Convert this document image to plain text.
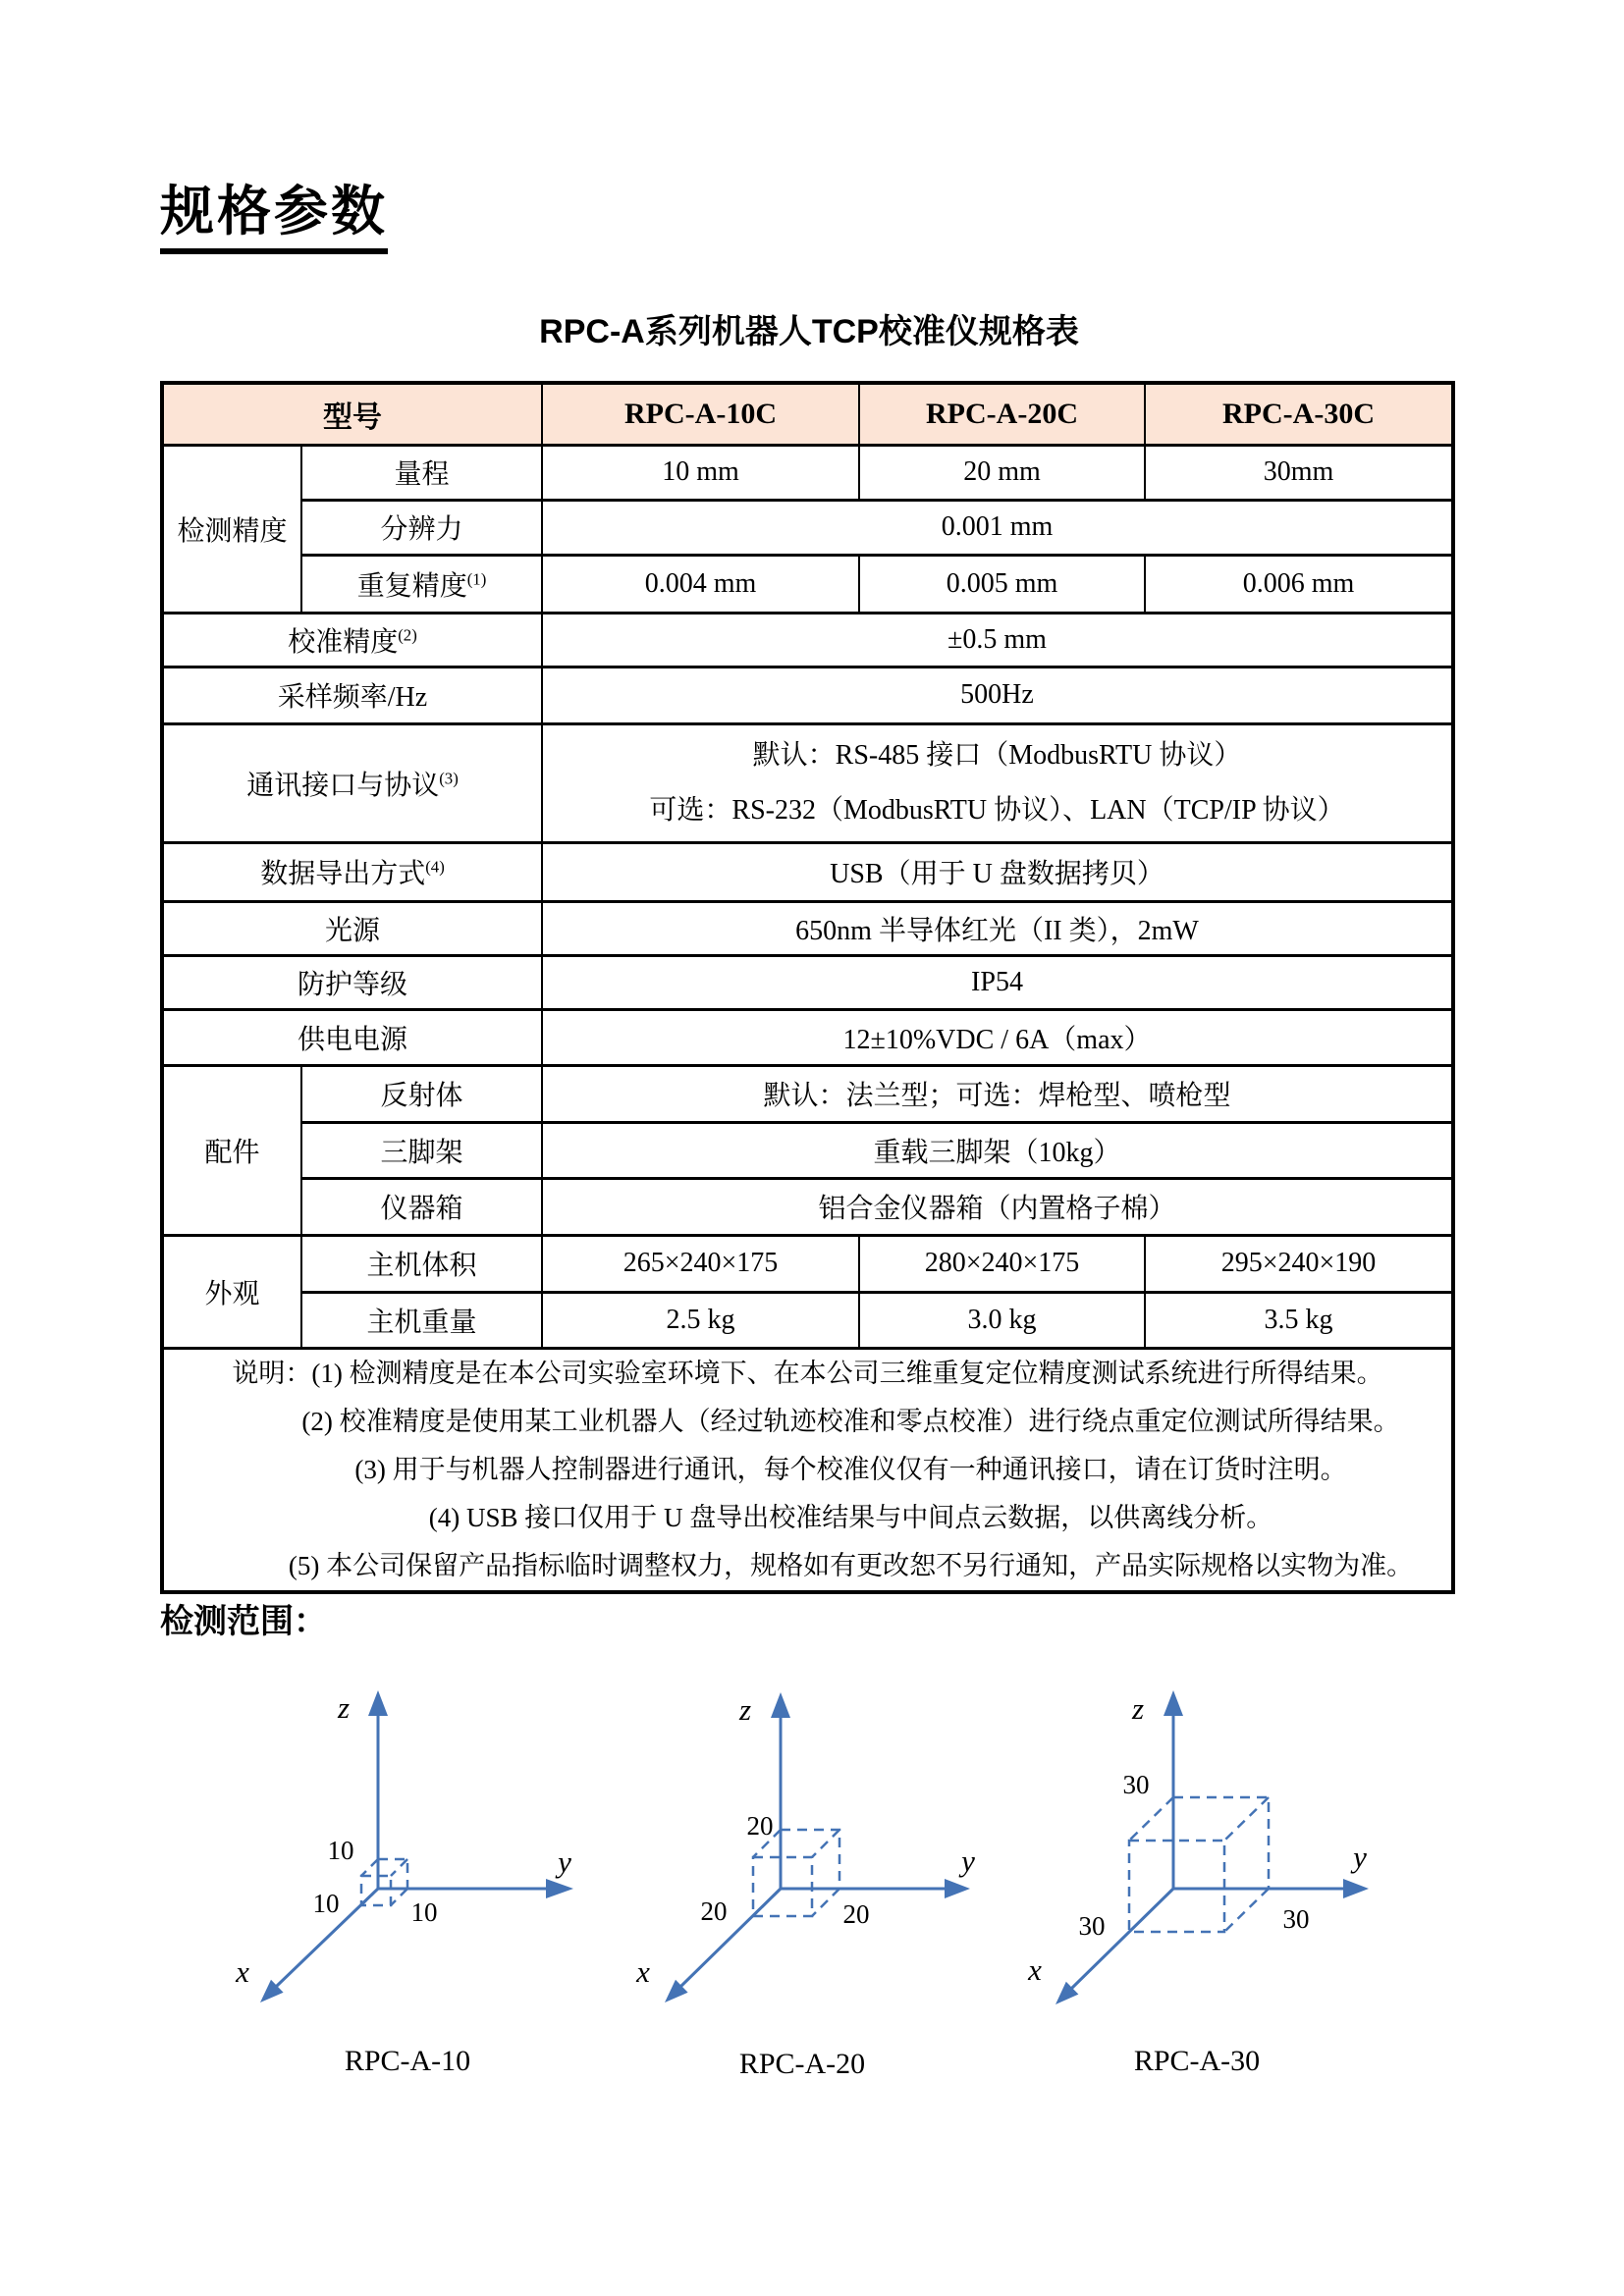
规格参数
RPC-A系列机器人TCP校准仪规格表
型号		RPC-A-10C	RPC-A-20C	RPC-A-30C
检测精度	量程	10 mm	20 mm	30mm
	分辨力	0.001 mm		
	重复精度$^{(1)}$	0.004 mm	0.005 mm	0.006 mm
校准精度$^{(2)}$		±0.5 mm		
采样频率/Hz		500Hz		
通讯接口与协议$^{(3)}$		默认：RS-485 接口（ModbusRTU 协议）
可选：RS-232（ModbusRTU 协议）、LAN（TCP/IP 协议）		

数据导出方式$^{(4)}$		USB（用于 U 盘数据拷贝）		
光源		650nm 半导体红光（II 类），2mW		
防护等级		IP54		
供电电源		12±10%VDC / 6A（max）		
配件	反射体	默认：法兰型；可选：焊枪型、喷枪型		
	三脚架	重载三脚架（10kg）		
	仪器箱	铝合金仪器箱（内置格子棉）		
外观	主机体积	265×240×175	280×240×175	295×240×190
	主机重量	2.5 kg	3.0 kg	3.5 kg

说明：(1) 检测精度是在本公司实验室环境下、在本公司三维重复定位精度测试系统进行所得结果。
(2) 校准精度是使用某工业机器人（经过轨迹校准和零点校准）进行绕点重定位测试所得结果。
(3) 用于与机器人控制器进行通讯，每个校准仪仅有一种通讯接口，请在订货时注明。
(4) USB 接口仅用于 U 盘导出校准结果与中间点云数据，以供离线分析。
(5) 本公司保留产品指标临时调整权力，规格如有更改恕不另行通知，产品实际规格以实物为准。				
检测范围：
z
y
x
10
10	10
RPC-A-10
z
y
x
20
20	20
RPC-A-20
z
y
x
30
30	30
RPC-A-30
